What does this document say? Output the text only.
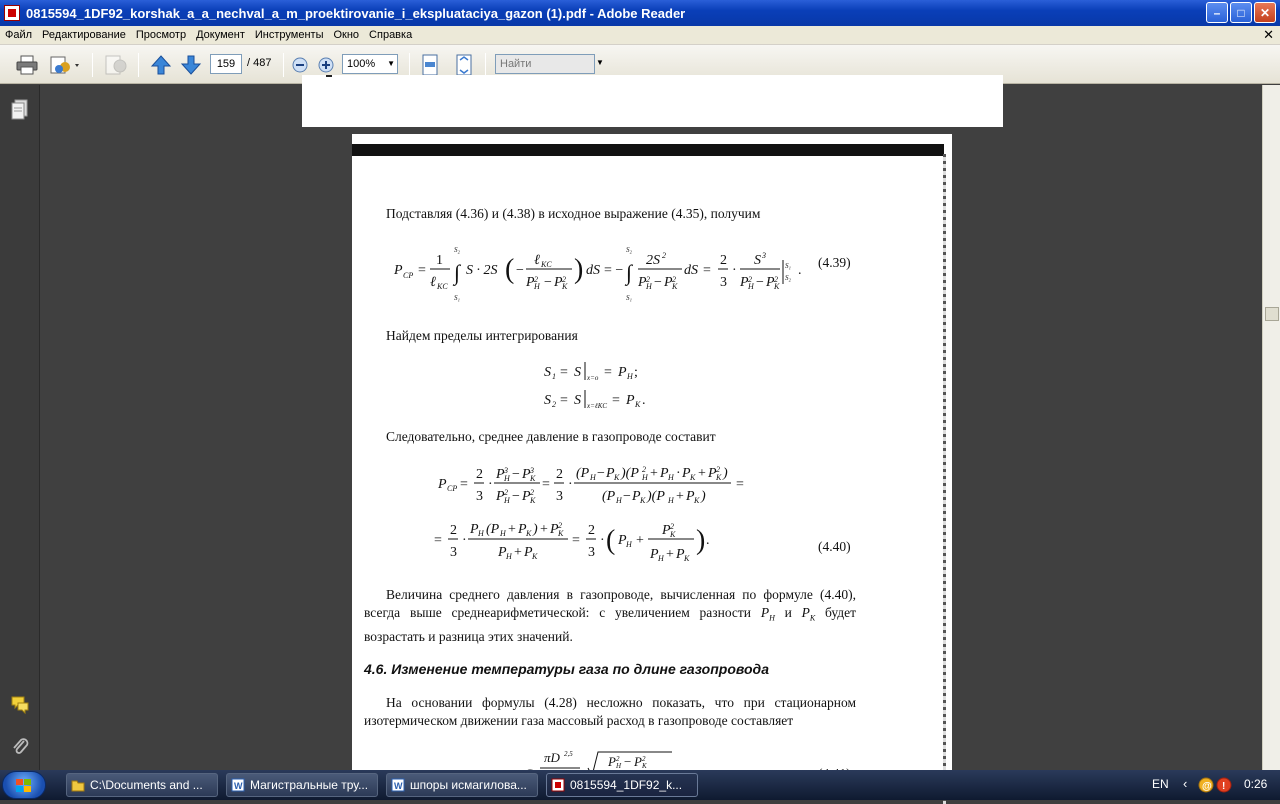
0815594_1DF92_korshak_a_a_nechval_a_m_proektirovanie_i_ekspluataciya_gazon (1).pdf - Adobe Reader	–	□	✕
Файл Редактирование Просмотр Документ Инструменты Окно Справка	✕
159	/ 487	100% ▼	Найти	▼
Подставляя (4.36) и (4.38) в исходное выражение (4.35), получим
P CP =
1
ℓ KC
∫
S₂
S₁
S · 2S ( −
ℓ KC
P 2
H − P 2
K
) dS = − ∫
S₂
S₁
2S 2
P 2
H − P 2
K
dS =
2
3
·
S 3
P 2
H − P 2
K
S₁
S₂ .
(4.39)
Найдем пределы интегрирования
S 1 = S x=o = P H ;
S 2 = S x=ℓKC = P K .
Следовательно, среднее давление в газопроводе составит
P CP =
2
3
·
P 3
H − P 3
K
P 2
H − P 2
K
=
2
3
·
(P H − P K )(P 2
H + P H · P K + P 2
K )
(P H − P K )(P H + P K )
=
=
2
3
·
P H (P H + P K ) + P 2
K
P H + P K
=
2
3
· ( P H +
P 2
K
P H + P K
) .	(4.40)
Величина среднего давления в газопроводе, вычисленная по формуле (4.40), всегда выше среднеарифметической: с увеличением разности $P_H$ и $P_K$ будет возрастать и разница этих значений.
4.6. Изменение температуры газа по длине газопровода
На основании формулы (4.28) несложно показать, что при стационарном изотермическом движении газа массовый расход в газопроводе составляет
πD 2,5	P 2
H − P 2
K
C:\Documents and ...	W Магистральные тру...	W шпоры исмагилова...	0815594_1DF92_k...	EN ‹ @ ! 0:26
